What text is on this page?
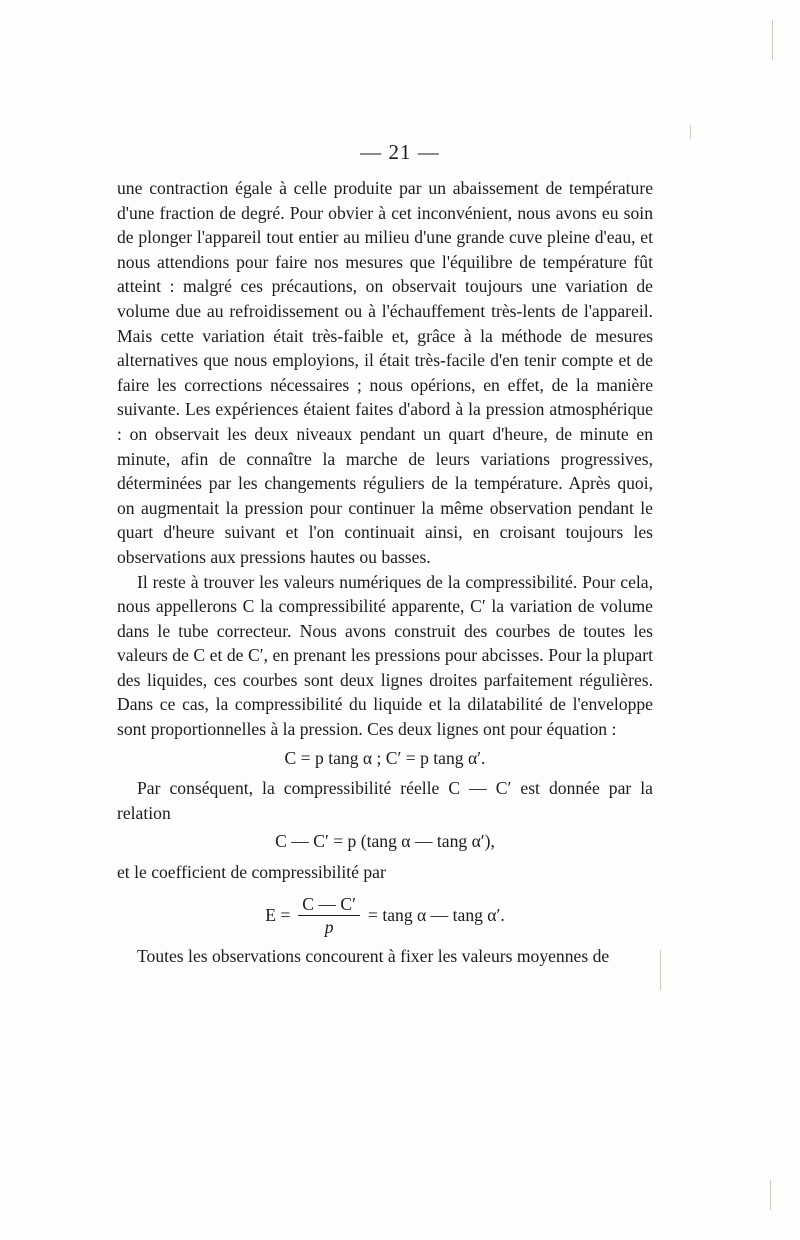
— 21 —

une contraction égale à celle produite par un abaissement de température d'une fraction de degré. Pour obvier à cet inconvénient, nous avons eu soin de plonger l'appareil tout entier au milieu d'une grande cuve pleine d'eau, et nous attendions pour faire nos mesures que l'équilibre de température fût atteint : malgré ces précautions, on observait toujours une variation de volume due au refroidissement ou à l'échauffement très-lents de l'appareil. Mais cette variation était très-faible et, grâce à la méthode de mesures alternatives que nous employions, il était très-facile d'en tenir compte et de faire les corrections nécessaires ; nous opérions, en effet, de la manière suivante. Les expériences étaient faites d'abord à la pression atmosphérique : on observait les deux niveaux pendant un quart d'heure, de minute en minute, afin de connaître la marche de leurs variations progressives, déterminées par les changements réguliers de la température. Après quoi, on augmentait la pression pour continuer la même observation pendant le quart d'heure suivant et l'on continuait ainsi, en croisant toujours les observations aux pressions hautes ou basses.

Il reste à trouver les valeurs numériques de la compressibilité. Pour cela, nous appellerons C la compressibilité apparente, C′ la variation de volume dans le tube correcteur. Nous avons construit des courbes de toutes les valeurs de C et de C′, en prenant les pressions pour abcisses. Pour la plupart des liquides, ces courbes sont deux lignes droites parfaitement régulières. Dans ce cas, la compressibilité du liquide et la dilatabilité de l'enveloppe sont proportionnelles à la pression. Ces deux lignes ont pour équation :

C = p tang α ; C′ = p tang α′.

Par conséquent, la compressibilité réelle C — C′ est donnée par la relation

C — C′ = p (tang α — tang α′),

et le coefficient de compressibilité par

$E = \frac{C — C'}{p} = \tan g$ α — tang α′.

Toutes les observations concourent à fixer les valeurs moyennes de
